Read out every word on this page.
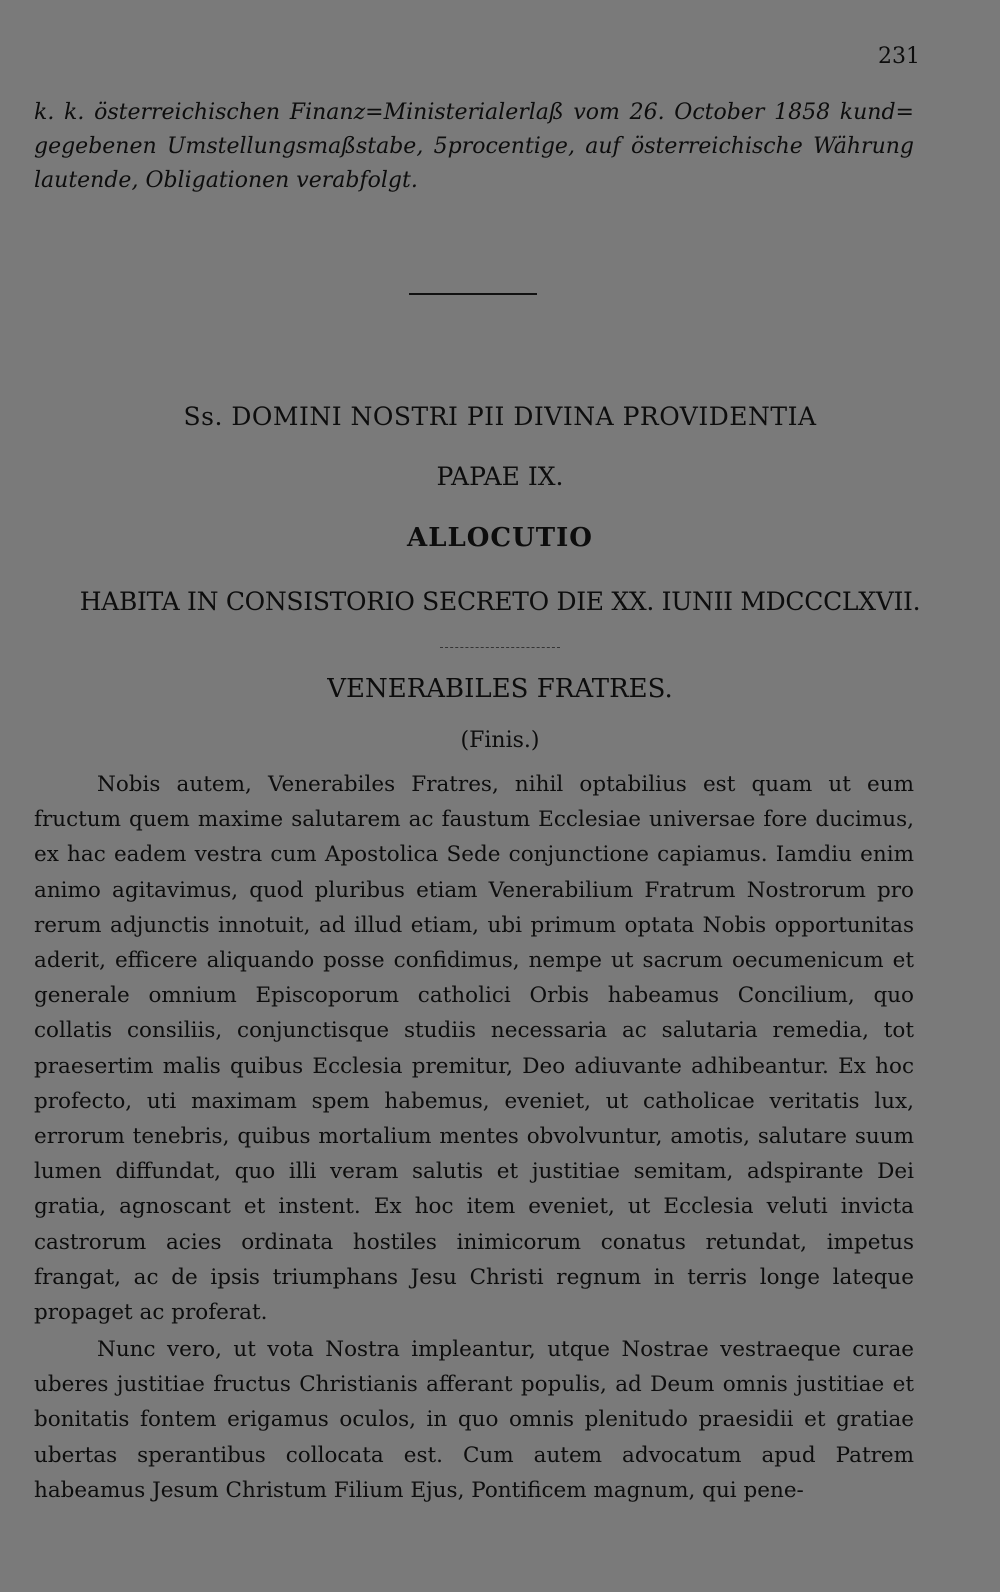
231
k. k. österreichischen Finanz=Ministerialerlaß vom 26. October 1858 kund= gegebenen Umstellungsmaßstabe, 5procentige, auf österreichische Währung lautende, Obligationen verabfolgt.
Ss. DOMINI NOSTRI PII DIVINA PROVIDENTIA
PAPAE IX.
ALLOCUTIO
HABITA IN CONSISTORIO SECRETO DIE XX. IUNII MDCCCLXVII.
VENERABILES FRATRES.
(Finis.)

Nobis autem, Venerabiles Fratres, nihil optabilius est quam ut eum fructum quem maxime salutarem ac faustum Ecclesiae universae fore ducimus, ex hac eadem vestra cum Apostolica Sede conjunctione capiamus. Iamdiu enim animo agitavimus, quod pluribus etiam Venerabilium Fratrum Nostrorum pro rerum adjunctis innotuit, ad illud etiam, ubi primum optata Nobis opportunitas aderit, efficere aliquando posse confidimus, nempe ut sacrum oecumenicum et generale omnium Episcoporum catholici Orbis habeamus Concilium, quo collatis consiliis, conjunctisque studiis necessaria ac salutaria remedia, tot praesertim malis quibus Ecclesia premitur, Deo adiuvante adhibeantur. Ex hoc profecto, uti maximam spem habemus, eveniet, ut catholicae veritatis lux, errorum tenebris, quibus mortalium mentes obvolvuntur, amotis, salutare suum lumen diffundat, quo illi veram salutis et justitiae semitam, adspirante Dei gratia, agnoscant et instent. Ex hoc item eveniet, ut Ecclesia veluti invicta castrorum acies ordinata hostiles inimicorum conatus retundat, impetus frangat, ac de ipsis triumphans Jesu Christi regnum in terris longe lateque propaget ac proferat.

Nunc vero, ut vota Nostra impleantur, utque Nostrae vestraeque curae uberes justitiae fructus Christianis afferant populis, ad Deum omnis justitiae et bonitatis fontem erigamus oculos, in quo omnis plenitudo praesidii et gratiae ubertas sperantibus collocata est. Cum autem advocatum apud Patrem habeamus Jesum Christum Filium Ejus, Pontificem magnum, qui pene-
